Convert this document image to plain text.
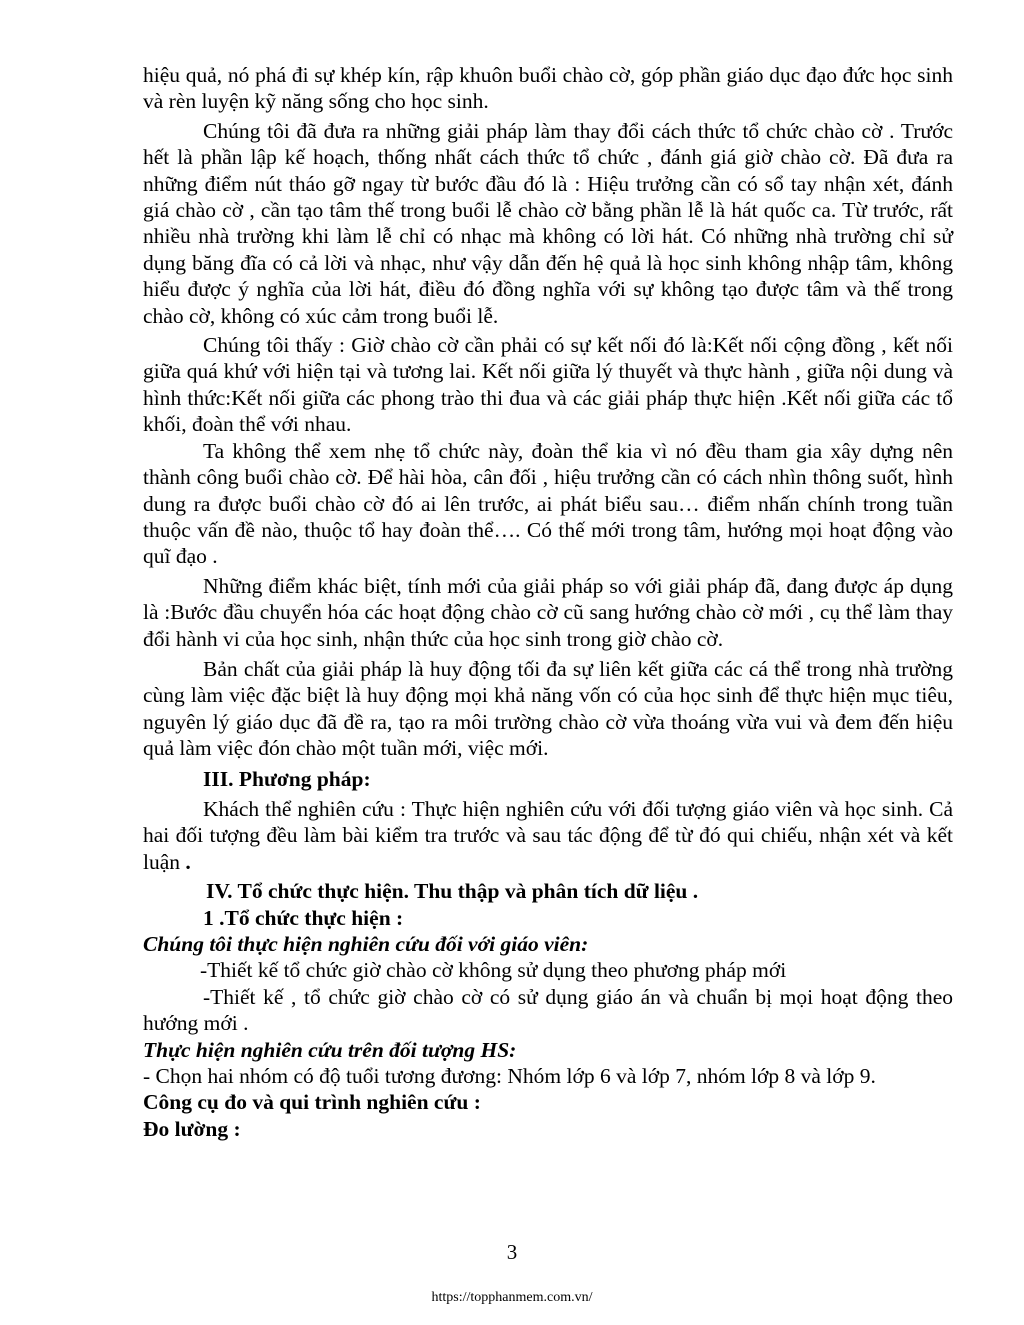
hiệu quả, nó phá đi sự khép kín, rập khuôn buổi chào cờ, góp phần giáo dục đạo đức học sinh và rèn luyện kỹ năng sống cho học sinh.

Chúng tôi đã đưa ra những giải pháp làm thay đổi cách thức tổ chức chào cờ . Trước hết là phần lập kế hoạch, thống nhất cách thức tổ chức , đánh giá giờ chào cờ. Đã đưa ra những điểm nút tháo gỡ ngay từ bước đầu đó là : Hiệu trưởng cần có sổ tay nhận xét, đánh giá chào cờ , cần tạo tâm thế trong buổi lễ chào cờ bằng phần lễ là hát quốc ca. Từ trước, rất nhiều nhà trường khi làm lễ chỉ có nhạc mà không có lời hát. Có những nhà trường chỉ sử dụng băng đĩa có cả lời và nhạc, như vậy dẫn đến hệ quả là học sinh không nhập tâm, không hiểu được ý nghĩa của lời hát, điều đó đồng nghĩa với sự không tạo được tâm và thế trong chào cờ, không có xúc cảm trong buổi lễ.

Chúng tôi thấy : Giờ chào cờ cần phải có sự kết nối đó là:Kết nối cộng đồng , kết nối giữa quá khứ với hiện tại và tương lai. Kết nối giữa lý thuyết và thực hành , giữa nội dung và hình thức:Kết nối giữa các phong trào thi đua và các giải pháp thực hiện .Kết nối giữa các tổ khối, đoàn thể với nhau.

Ta không thể xem nhẹ tổ chức này, đoàn thể kia vì nó đều tham gia xây dựng nên thành công buổi chào cờ. Để hài hòa, cân đối , hiệu trưởng cần có cách nhìn thông suốt, hình dung ra được buổi chào cờ đó ai lên trước, ai phát biểu sau… điểm nhấn chính trong tuần thuộc vấn đề nào, thuộc tổ hay đoàn thể…. Có thế mới trong tâm, hướng mọi hoạt động vào quĩ đạo .

Những điểm khác biệt, tính mới của giải pháp so với giải pháp đã, đang được áp dụng là :Bước đầu chuyển hóa các hoạt động chào cờ cũ sang hướng chào cờ mới , cụ thể làm thay đổi hành vi của học sinh, nhận thức của học sinh trong giờ chào cờ.

Bản chất của giải pháp là huy động tối đa sự liên kết giữa các cá thể trong nhà trường cùng làm việc đặc biệt là huy động mọi khả năng vốn có của học sinh để thực hiện mục tiêu, nguyên lý giáo dục đã đề ra, tạo ra môi trường chào cờ vừa thoáng vừa vui và đem đến hiệu quả làm việc đón chào một tuần mới, việc mới.

III. Phương pháp:

Khách thể nghiên cứu : Thực hiện nghiên cứu với đối tượng giáo viên và học sinh. Cả hai đối tượng đều làm bài kiểm tra trước và sau tác động để từ đó qui chiếu, nhận xét và kết luận .

IV. Tổ chức thực hiện. Thu thập và phân tích dữ liệu .

1 .Tổ chức thực hiện :

Chúng tôi thực hiện nghiên cứu đối với giáo viên:

-Thiết kế tổ chức giờ chào cờ không sử dụng theo phương pháp mới

-Thiết kế , tổ chức giờ chào cờ có sử dụng giáo án và chuẩn bị mọi hoạt động theo hướng mới .

Thực hiện nghiên cứu trên đối tượng HS:

- Chọn hai nhóm có độ tuổi tương đương: Nhóm lớp 6 và lớp 7, nhóm lớp 8 và lớp 9.

Công cụ đo và qui trình nghiên cứu :

Đo lường :

3
https://topphanmem.com.vn/
